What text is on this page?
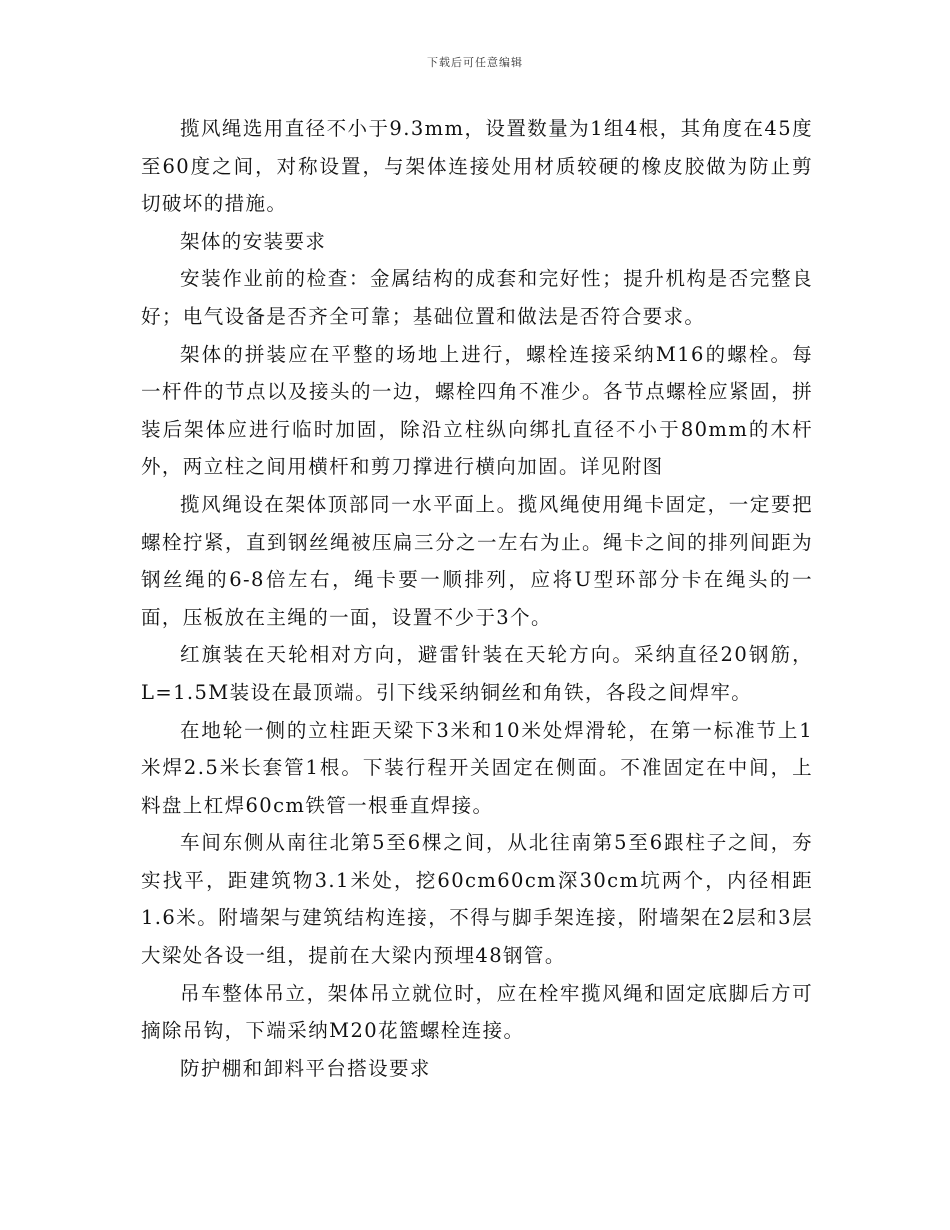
下载后可任意编辑

揽风绳选用直径不小于9.3mm，设置数量为1组4根，其角度在45度至60度之间，对称设置，与架体连接处用材质较硬的橡皮胶做为防止剪切破坏的措施。

架体的安装要求

安装作业前的检查：金属结构的成套和完好性；提升机构是否完整良好；电气设备是否齐全可靠；基础位置和做法是否符合要求。

架体的拼装应在平整的场地上进行，螺栓连接采纳M16的螺栓。每一杆件的节点以及接头的一边，螺栓四角不准少。各节点螺栓应紧固，拼装后架体应进行临时加固，除沿立柱纵向绑扎直径不小于80mm的木杆外，两立柱之间用横杆和剪刀撑进行横向加固。详见附图

揽风绳设在架体顶部同一水平面上。揽风绳使用绳卡固定，一定要把螺栓拧紧，直到钢丝绳被压扁三分之一左右为止。绳卡之间的排列间距为钢丝绳的6-8倍左右，绳卡要一顺排列，应将U型环部分卡在绳头的一面，压板放在主绳的一面，设置不少于3个。

红旗装在天轮相对方向，避雷针装在天轮方向。采纳直径20钢筋，L=1.5M装设在最顶端。引下线采纳铜丝和角铁，各段之间焊牢。

在地轮一侧的立柱距天梁下3米和10米处焊滑轮，在第一标准节上1米焊2.5米长套管1根。下装行程开关固定在侧面。不准固定在中间，上料盘上杠焊60cm铁管一根垂直焊接。

车间东侧从南往北第5至6棵之间，从北往南第5至6跟柱子之间，夯实找平，距建筑物3.1米处，挖60cm60cm深30cm坑两个，内径相距1.6米。附墙架与建筑结构连接，不得与脚手架连接，附墙架在2层和3层大梁处各设一组，提前在大梁内预埋48钢管。

吊车整体吊立，架体吊立就位时，应在栓牢揽风绳和固定底脚后方可摘除吊钩，下端采纳M20花篮螺栓连接。

防护棚和卸料平台搭设要求
